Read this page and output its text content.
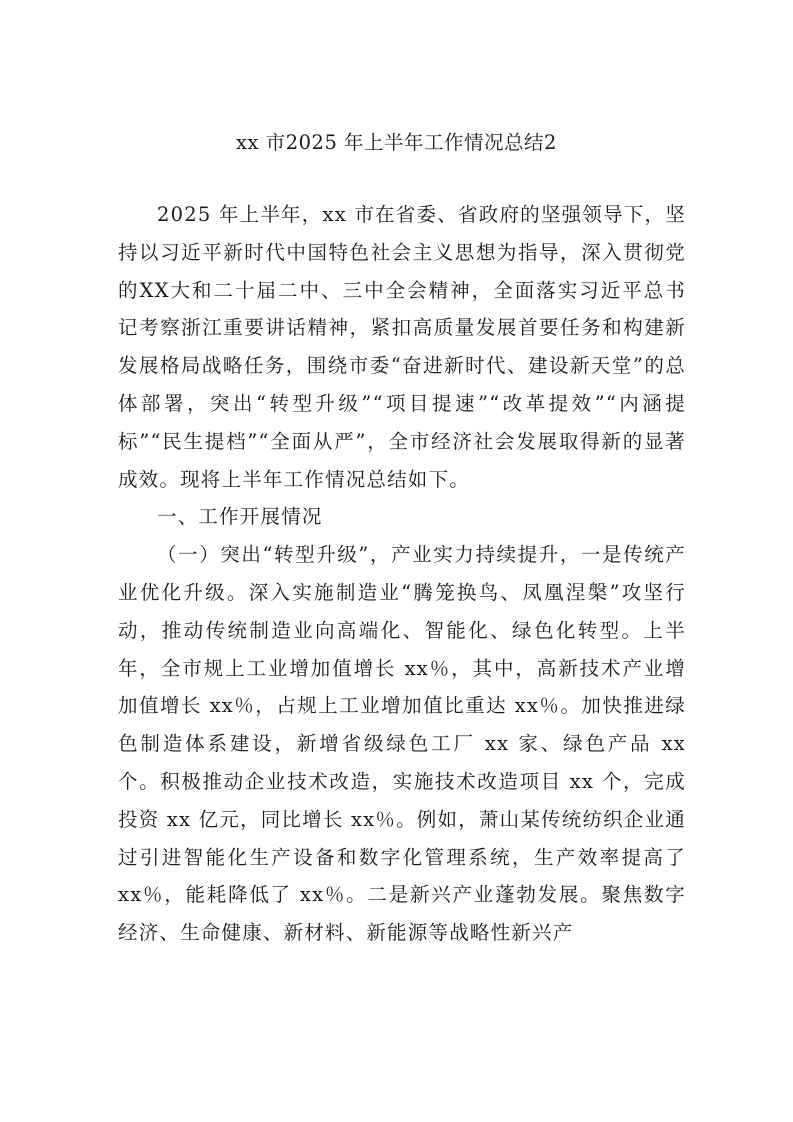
xx 市2025 年上半年工作情况总结2

2025 年上半年，xx 市在省委、省政府的坚强领导下，坚持以习近平新时代中国特色社会主义思想为指导，深入贯彻党的XX大和二十届二中、三中全会精神，全面落实习近平总书记考察浙江重要讲话精神，紧扣高质量发展首要任务和构建新发展格局战略任务，围绕市委“奋进新时代、建设新天堂”的总体部署，突出“转型升级”“项目提速”“改革提效”“内涵提标”“民生提档”“全面从严”，全市经济社会发展取得新的显著成效。现将上半年工作情况总结如下。

一、工作开展情况

（一）突出“转型升级”，产业实力持续提升，一是传统产业优化升级。深入实施制造业“腾笼换鸟、凤凰涅槃”攻坚行动，推动传统制造业向高端化、智能化、绿色化转型。上半年，全市规上工业增加值增长 xx％，其中，高新技术产业增加值增长 xx％，占规上工业增加值比重达 xx％。加快推进绿色制造体系建设，新增省级绿色工厂 xx 家、绿色产品 xx 个。积极推动企业技术改造，实施技术改造项目 xx 个，完成投资 xx 亿元，同比增长 xx％。例如，萧山某传统纺织企业通过引进智能化生产设备和数字化管理系统，生产效率提高了 xx％，能耗降低了 xx％。二是新兴产业蓬勃发展。聚焦数字经济、生命健康、新材料、新能源等战略性新兴产
